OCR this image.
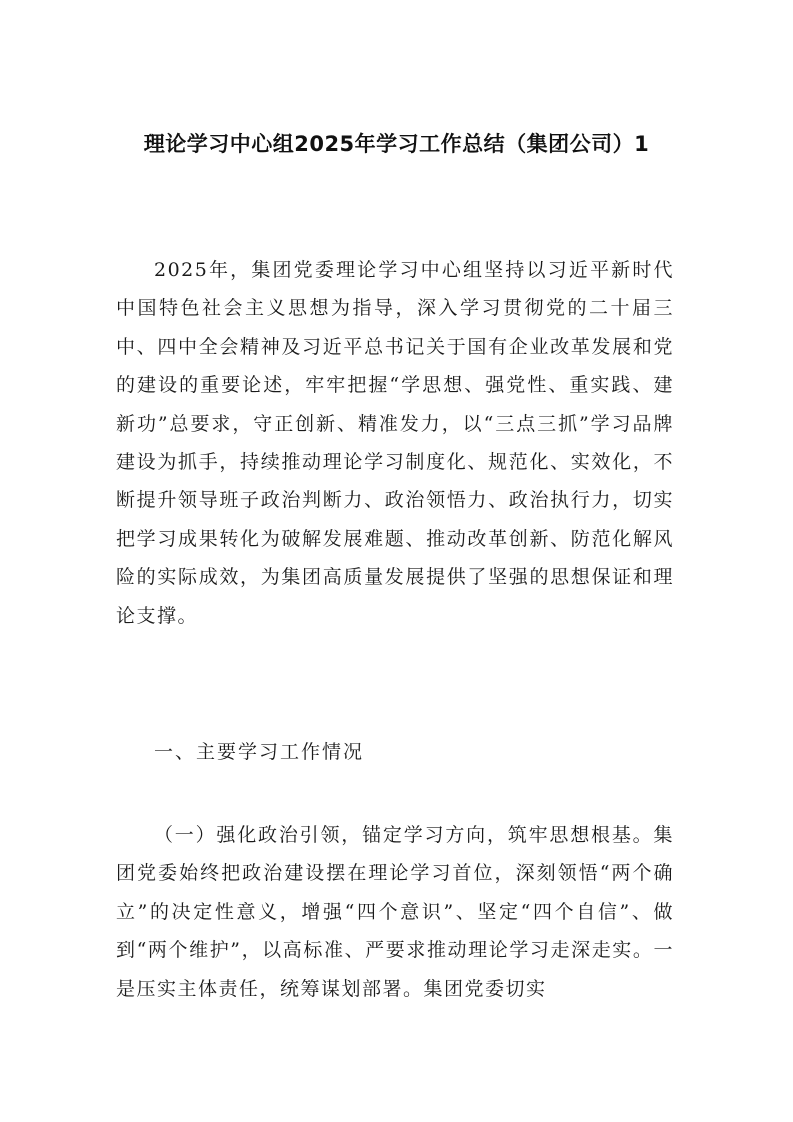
理论学习中心组2025年学习工作总结（集团公司）1

2025年，集团党委理论学习中心组坚持以习近平新时代中国特色社会主义思想为指导，深入学习贯彻党的二十届三中、四中全会精神及习近平总书记关于国有企业改革发展和党的建设的重要论述，牢牢把握“学思想、强党性、重实践、建新功”总要求，守正创新、精准发力，以“三点三抓”学习品牌建设为抓手，持续推动理论学习制度化、规范化、实效化，不断提升领导班子政治判断力、政治领悟力、政治执行力，切实把学习成果转化为破解发展难题、推动改革创新、防范化解风险的实际成效，为集团高质量发展提供了坚强的思想保证和理论支撑。

一、主要学习工作情况

（一）强化政治引领，锚定学习方向，筑牢思想根基。集团党委始终把政治建设摆在理论学习首位，深刻领悟“两个确立”的决定性意义，增强“四个意识”、坚定“四个自信”、做到“两个维护”，以高标准、严要求推动理论学习走深走实。一是压实主体责任，统筹谋划部署。集团党委切实
